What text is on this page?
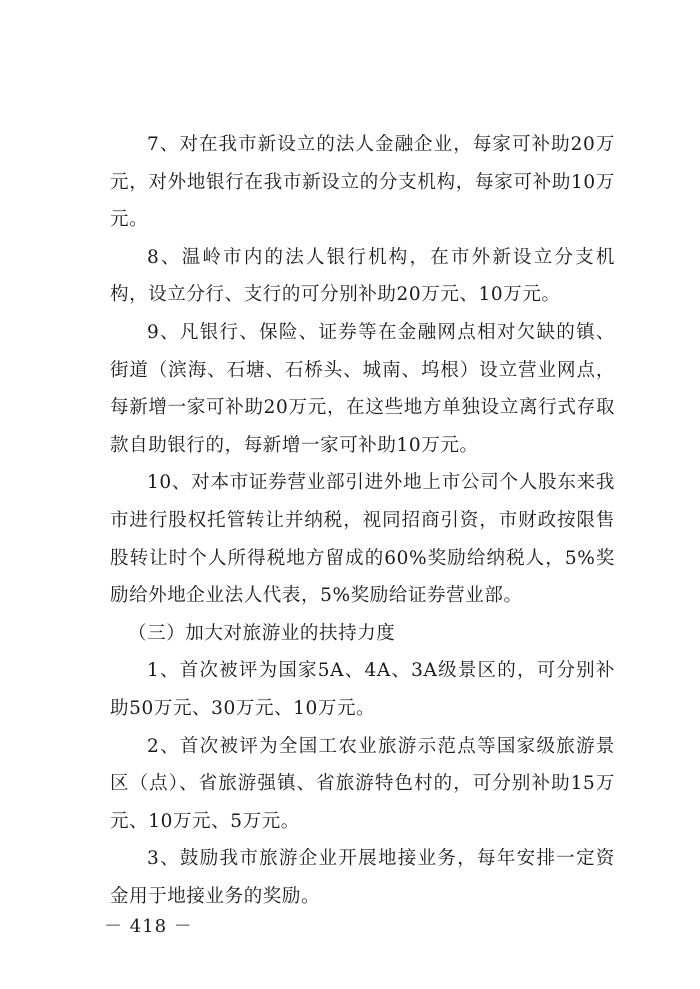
7、对在我市新设立的法人金融企业，每家可补助20万元，对外地银行在我市新设立的分支机构，每家可补助10万元。

8、温岭市内的法人银行机构，在市外新设立分支机构，设立分行、支行的可分别补助20万元、10万元。

9、凡银行、保险、证券等在金融网点相对欠缺的镇、街道（滨海、石塘、石桥头、城南、坞根）设立营业网点，每新增一家可补助20万元，在这些地方单独设立离行式存取款自助银行的，每新增一家可补助10万元。

10、对本市证券营业部引进外地上市公司个人股东来我市进行股权托管转让并纳税，视同招商引资，市财政按限售股转让时个人所得税地方留成的60%奖励给纳税人，5%奖励给外地企业法人代表，5%奖励给证券营业部。

（三）加大对旅游业的扶持力度

1、首次被评为国家5A、4A、3A级景区的，可分别补助50万元、30万元、10万元。

2、首次被评为全国工农业旅游示范点等国家级旅游景区（点）、省旅游强镇、省旅游特色村的，可分别补助15万元、10万元、5万元。

3、鼓励我市旅游企业开展地接业务，每年安排一定资金用于地接业务的奖励。

－ 418 －
